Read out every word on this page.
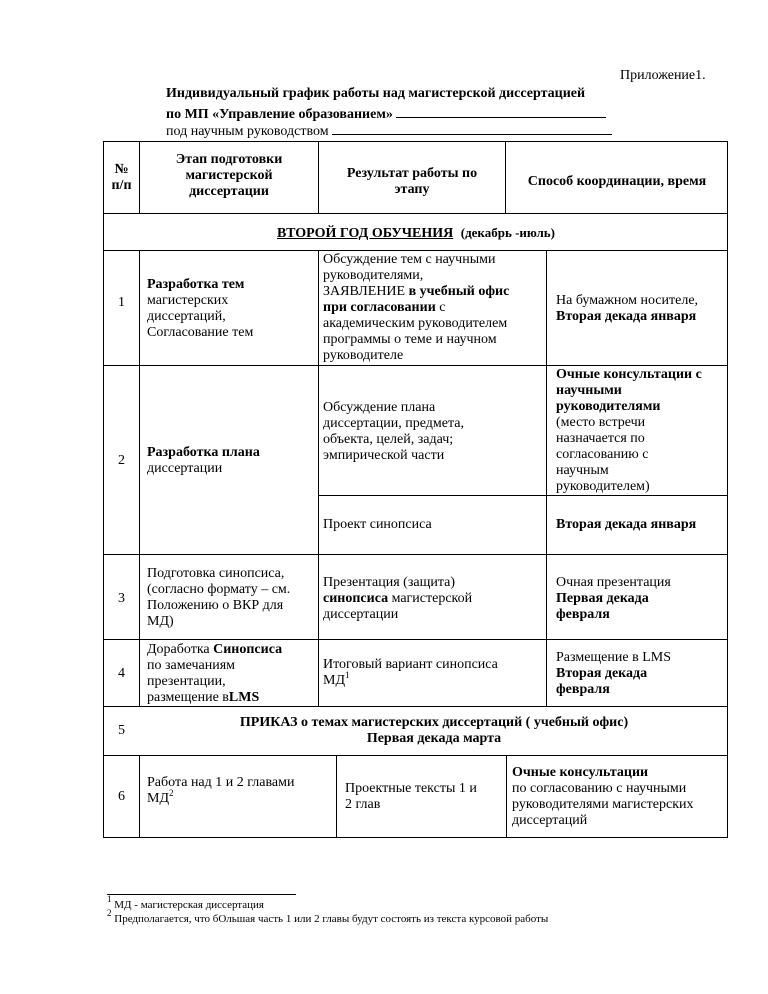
Приложение1.
Индивидуальный график работы над магистерской диссертацией
по МП «Управление образованием»
под научным руководством
№
п/п
Этап подготовки
магистерской
диссертации
Результат работы по
этапу
Способ координации, время
ВТОРОЙ ГОД ОБУЧЕНИЯ (декабрь -июль)
1
Разработка тем
магистерских
диссертаций,
Согласование тем
Обсуждение тем с научными
руководителями,
ЗАЯВЛЕНИЕ в учебный офис
при согласовании с
академическим руководителем
программы о теме и научном
руководителе
На бумажном носителе,
Вторая декада января
2
Разработка плана
диссертации
Обсуждение плана
диссертации, предмета,
объекта, целей, задач;
эмпирической части
Очные консультации с
научными
руководителями
(место встречи
назначается по
согласованию с
научным
руководителем)
Проект синопсиса	Вторая декада января
3
Подготовка синопсиса,
(согласно формату – см.
Положению о ВКР для
МД)
Презентация (защита)
синопсиса магистерской
диссертации
Очная презентация
Первая декада
февраля
4
Доработка Синопсиса
по замечаниям
презентации,
размещение вLMS
Итоговый вариант синопсиса
$МД^1$
Размещение в LMS
Вторая декада
февраля
5
ПРИКАЗ о темах магистерских диссертаций ( учебный офис)
Первая декада марта
6
Работа над 1 и 2 главами
$МД^2$	Проектные тексты 1 и
2 глав
Очные консультации
по согласованию с научными
руководителями магистерских
диссертаций
$^1$ МД - магистерская диссертация
$^2$ Предполагается, что бОльшая часть 1 или 2 главы будут состоять из текста курсовой работы
